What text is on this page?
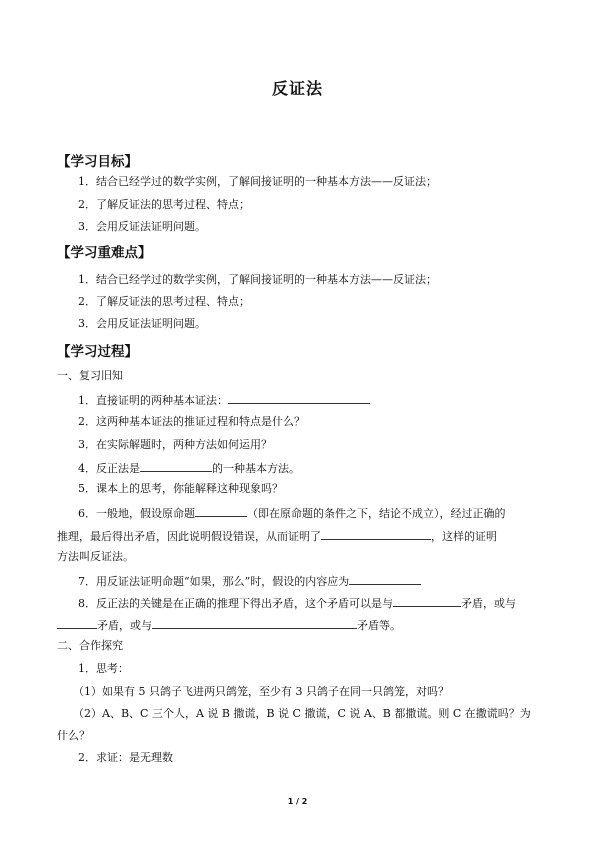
反证法
【学习目标】
1．结合已经学过的数学实例，了解间接证明的一种基本方法——反证法；
2．了解反证法的思考过程、特点；
3．会用反证法证明问题。
【学习重难点】
1．结合已经学过的数学实例，了解间接证明的一种基本方法——反证法；
2．了解反证法的思考过程、特点；
3．会用反证法证明问题。
【学习过程】
一、复习旧知
1．直接证明的两种基本证法：
2．这两种基本证法的推证过程和特点是什么？
3．在实际解题时，两种方法如何运用？
4．反正法是	的一种基本方法。
5．课本上的思考，你能解释这种现象吗？
6．一般地，假设原命题	（即在原命题的条件之下，结论不成立），经过正确的
推理，最后得出矛盾，因此说明假设错误，从而证明了	，这样的证明
方法叫反证法。
7．用反证法证明命题“如果，那么”时，假设的内容应为
8．反正法的关键是在正确的推理下得出矛盾，这个矛盾可以是与	矛盾，或与
矛盾，或与	矛盾等。
二、合作探究
1．思考：
（1）如果有 5 只鸽子飞进两只鸽笼，至少有 3 只鸽子在同一只鸽笼，对吗？
（2）A、B、C 三个人，A 说 B 撒谎，B 说 C 撒谎，C 说 A、B 都撒谎。则 C 在撒谎吗？为
什么？
2．求证：是无理数
1 / 2
